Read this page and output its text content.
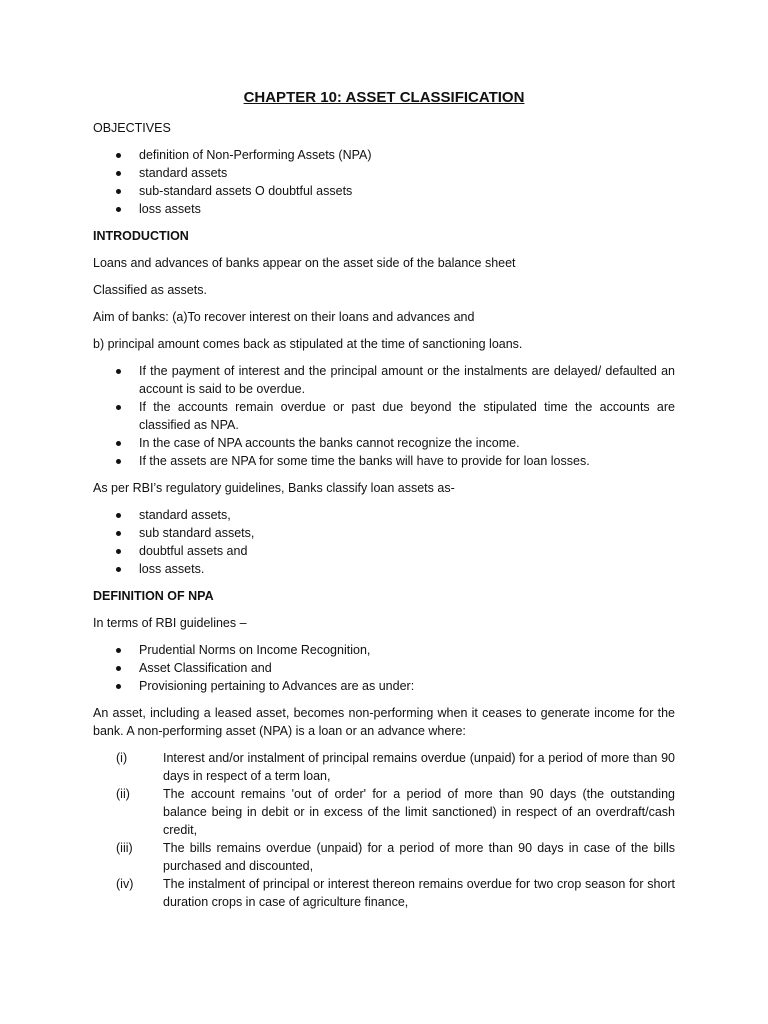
CHAPTER 10: ASSET CLASSIFICATION

OBJECTIVES

definition of Non-Performing Assets (NPA)
standard assets
sub-standard assets O doubtful assets
loss assets

INTRODUCTION

Loans and advances of banks appear on the asset side of the balance sheet

Classified as assets.

Aim of banks: (a)To recover interest on their loans and advances and

b) principal amount comes back as stipulated at the time of sanctioning loans.

If the payment of interest and the principal amount or the instalments are delayed/ defaulted an account is said to be overdue.
If the accounts remain overdue or past due beyond the stipulated time the accounts are classified as NPA.
In the case of NPA accounts the banks cannot recognize the income.
If the assets are NPA for some time the banks will have to provide for loan losses.

As per RBI’s regulatory guidelines, Banks classify loan assets as-

standard assets,
sub standard assets,
doubtful assets and
loss assets.

DEFINITION OF NPA

In terms of RBI guidelines –

Prudential Norms on Income Recognition,
Asset Classification and
Provisioning pertaining to Advances are as under:

An asset, including a leased asset, becomes non-performing when it ceases to generate income for the bank. A non-performing asset (NPA) is a loan or an advance where:

(i)	Interest and/or instalment of principal remains overdue (unpaid) for a period of more than 90 days in respect of a term loan,
(ii)	The account remains 'out of order' for a period of more than 90 days (the outstanding balance being in debit or in excess of the limit sanctioned) in respect of an overdraft/cash credit,
(iii) The bills remains overdue (unpaid) for a period of more than 90 days in case of the bills purchased and discounted,
(iv) The instalment of principal or interest thereon remains overdue for two crop season for short duration crops in case of agriculture finance,
